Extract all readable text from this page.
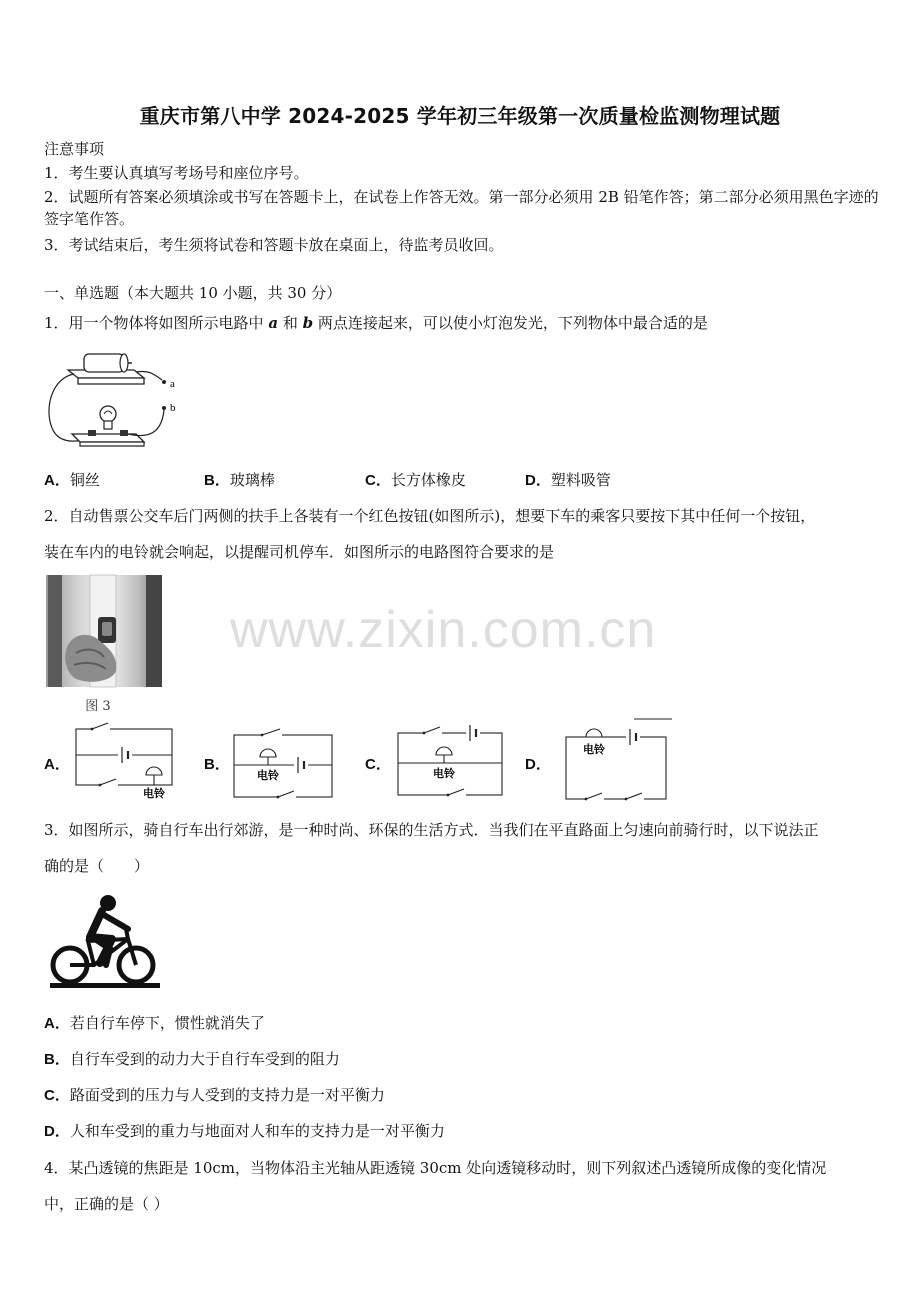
重庆市第八中学 2024-2025 学年初三年级第一次质量检监测物理试题
注意事项
1．考生要认真填写考场号和座位序号。
2．试题所有答案必须填涂或书写在答题卡上，在试卷上作答无效。第一部分必须用 2B 铅笔作答；第二部分必须用黑色字迹的签字笔作答。
3．考试结束后，考生须将试卷和答题卡放在桌面上，待监考员收回。
一、单选题（本大题共 10 小题，共 30 分）
1．用一个物体将如图所示电路中 a 和 b 两点连接起来，可以使小灯泡发光，下列物体中最合适的是
a
b
A．铜丝	B．玻璃棒	C．长方体橡皮	D．塑料吸管
2．自动售票公交车后门两侧的扶手上各装有一个红色按钮(如图所示)，想要下车的乘客只要按下其中任何一个按钮，
装在车内的电铃就会响起，以提醒司机停车．如图所示的电路图符合要求的是
图 3
A．
电铃
B．
电铃
C．
电铃
D．
电铃
3．如图所示，骑自行车出行郊游，是一种时尚、环保的生活方式．当我们在平直路面上匀速向前骑行时，以下说法正
确的是（　　）
A．若自行车停下，惯性就消失了
B．自行车受到的动力大于自行车受到的阻力
C．路面受到的压力与人受到的支持力是一对平衡力
D．人和车受到的重力与地面对人和车的支持力是一对平衡力
4．某凸透镜的焦距是 10cm，当物体沿主光轴从距透镜 30cm 处向透镜移动时，则下列叙述凸透镜所成像的变化情况
中，正确的是（ ）
www.zixin.com.cn
